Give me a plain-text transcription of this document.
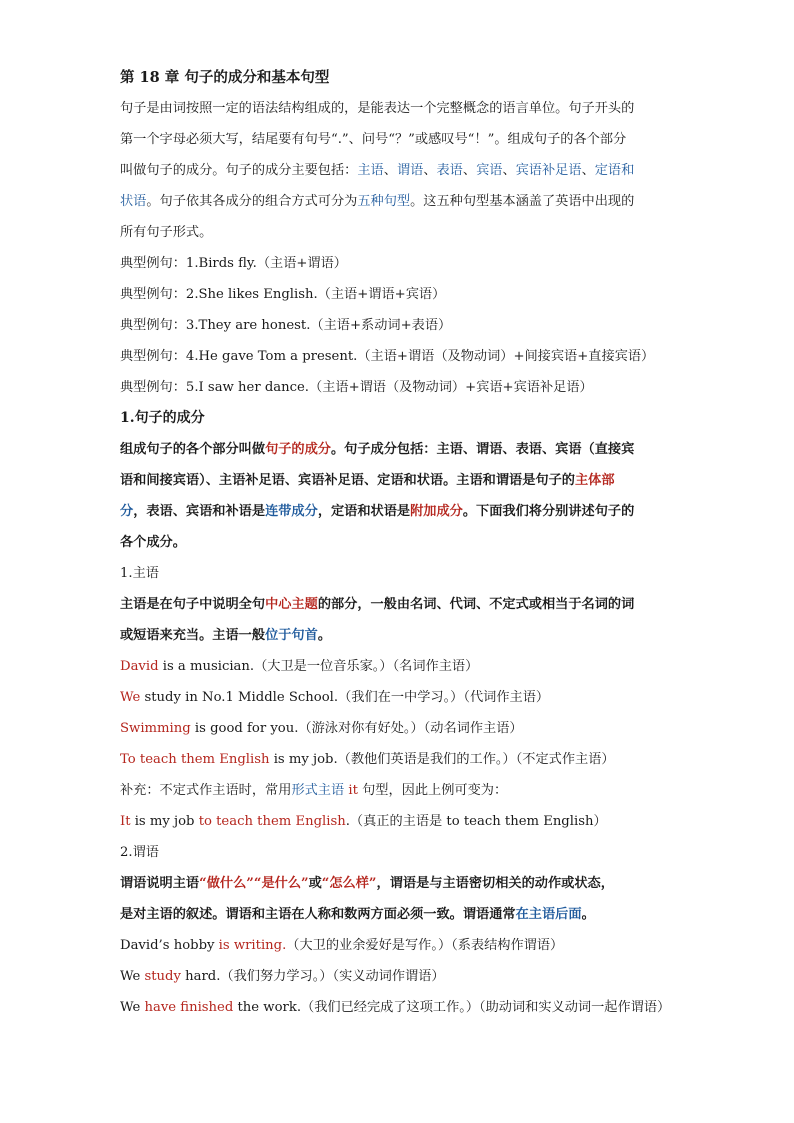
第 18 章 句子的成分和基本句型
句子是由词按照一定的语法结构组成的，是能表达一个完整概念的语言单位。句子开头的
第一个字母必须大写，结尾要有句号“.”、问号“？”或感叹号“！”。组成句子的各个部分
叫做句子的成分。句子的成分主要包括：主语、谓语、表语、宾语、宾语补足语、定语和
状语。句子依其各成分的组合方式可分为五种句型。这五种句型基本涵盖了英语中出现的
所有句子形式。
典型例句：1.Birds fly.（主语+谓语）
典型例句：2.She likes English.（主语+谓语+宾语）
典型例句：3.They are honest.（主语+系动词+表语）
典型例句：4.He gave Tom a present.（主语+谓语（及物动词）+间接宾语+直接宾语）
典型例句：5.I saw her dance.（主语+谓语（及物动词）+宾语+宾语补足语）
1.句子的成分
组成句子的各个部分叫做句子的成分。句子成分包括：主语、谓语、表语、宾语（直接宾
语和间接宾语）、主语补足语、宾语补足语、定语和状语。主语和谓语是句子的主体部
分，表语、宾语和补语是连带成分，定语和状语是附加成分。下面我们将分别讲述句子的
各个成分。
1.主语
主语是在句子中说明全句中心主题的部分，一般由名词、代词、不定式或相当于名词的词
或短语来充当。主语一般位于句首。
David is a musician.（大卫是一位音乐家。）（名词作主语）
We study in No.1 Middle School.（我们在一中学习。）（代词作主语）
Swimming is good for you.（游泳对你有好处。）（动名词作主语）
To teach them English is my job.（教他们英语是我们的工作。）（不定式作主语）
补充：不定式作主语时，常用形式主语 it 句型，因此上例可变为：
It is my job to teach them English.（真正的主语是 to teach them English）
2.谓语
谓语说明主语“做什么”“是什么”或“怎么样”，谓语是与主语密切相关的动作或状态，
是对主语的叙述。谓语和主语在人称和数两方面必须一致。谓语通常在主语后面。
David’s hobby is writing.（大卫的业余爱好是写作。）（系表结构作谓语）
We study hard.（我们努力学习。）（实义动词作谓语）
We have finished the work.（我们已经完成了这项工作。）（助动词和实义动词一起作谓语）
